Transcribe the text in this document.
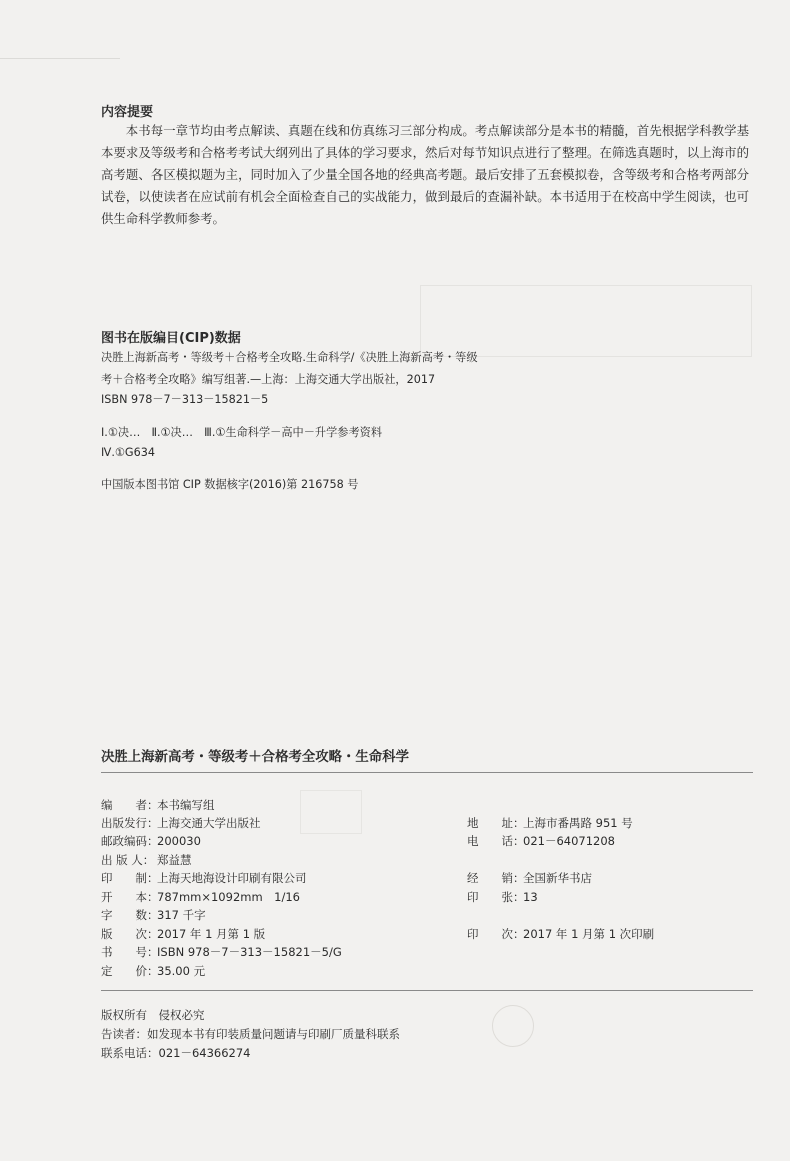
内容提要
本书每一章节均由考点解读、真题在线和仿真练习三部分构成。考点解读部分是本书的精髓，首先根据学科教学基本要求及等级考和合格考考试大纲列出了具体的学习要求，然后对每节知识点进行了整理。在筛选真题时，以上海市的高考题、各区模拟题为主，同时加入了少量全国各地的经典高考题。最后安排了五套模拟卷，含等级考和合格考两部分试卷，以使读者在应试前有机会全面检查自己的实战能力，做到最后的查漏补缺。本书适用于在校高中学生阅读，也可供生命科学教师参考。
图书在版编目(CIP)数据
决胜上海新高考・等级考＋合格考全攻略.生命科学/《决胜上海新高考・等级
考＋合格考全攻略》编写组著.—上海：上海交通大学出版社，2017
ISBN 978－7－313－15821－5
Ⅰ.①决…　Ⅱ.①决…　Ⅲ.①生命科学－高中－升学参考资料
Ⅳ.①G634
中国版本图书馆 CIP 数据核字(2016)第 216758 号
决胜上海新高考・等级考＋合格考全攻略・生命科学
编　　者：本书编写组
出版发行：上海交通大学出版社
邮政编码：200030
出 版 人： 郑益慧
印　　制：上海天地海设计印刷有限公司
开　　本：787mm×1092mm　1/16
字　　数：317 千字
版　　次：2017 年 1 月第 1 版
书　　号：ISBN 978－7－313－15821－5/G
定　　价：35.00 元
地　　址：上海市番禺路 951 号
电　　话：021－64071208
经　　销：全国新华书店
印　　张：13
印　　次：2017 年 1 月第 1 次印刷
版权所有　侵权必究
告读者：如发现本书有印装质量问题请与印刷厂质量科联系
联系电话：021－64366274
